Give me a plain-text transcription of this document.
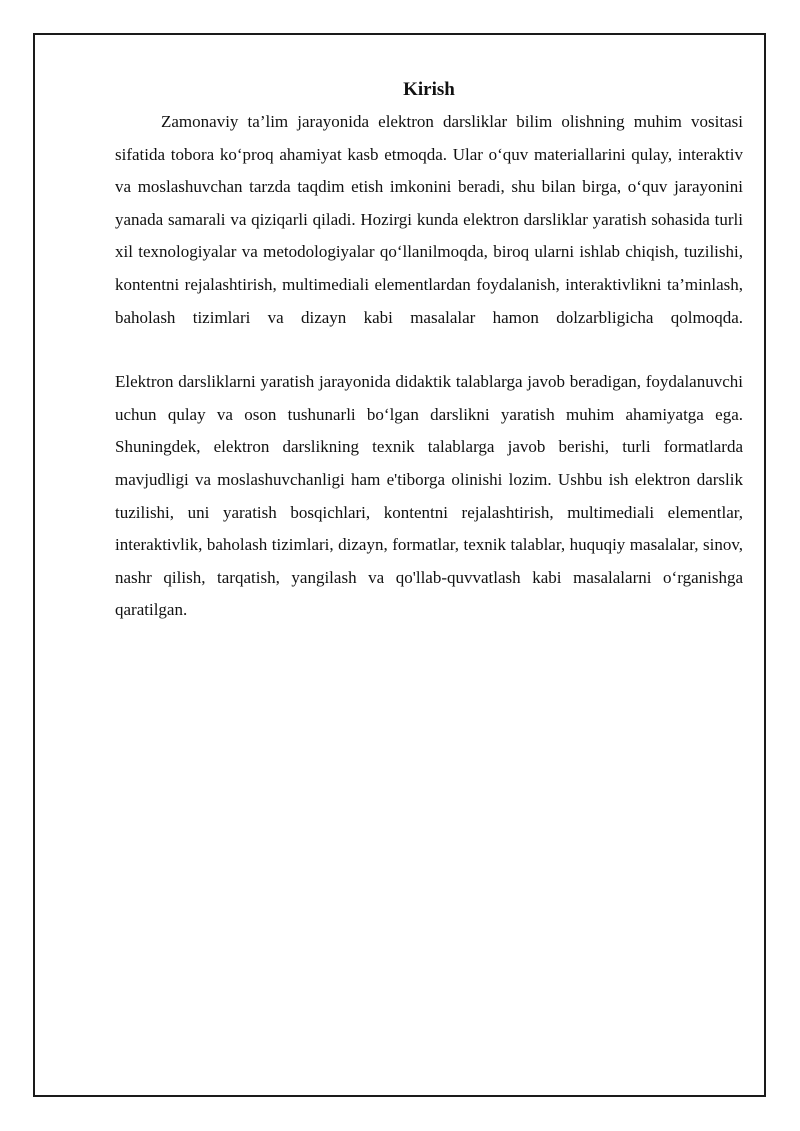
Kirish

Zamonaviy ta’lim jarayonida elektron darsliklar bilim olishning muhim vositasi sifatida tobora ko‘proq ahamiyat kasb etmoqda. Ular o‘quv materiallarini qulay, interaktiv va moslashuvchan tarzda taqdim etish imkonini beradi, shu bilan birga, o‘quv jarayonini yanada samarali va qiziqarli qiladi. Hozirgi kunda elektron darsliklar yaratish sohasida turli xil texnologiyalar va metodologiyalar qo‘llanilmoqda, biroq ularni ishlab chiqish, tuzilishi, kontentni rejalashtirish, multimediali elementlardan foydalanish, interaktivlikni ta’minlash, baholash tizimlari va dizayn kabi masalalar hamon dolzarbligicha qolmoqda.

Elektron darsliklarni yaratish jarayonida didaktik talablarga javob beradigan, foydalanuvchi uchun qulay va oson tushunarli bo‘lgan darslikni yaratish muhim ahamiyatga ega. Shuningdek, elektron darslikning texnik talablarga javob berishi, turli formatlarda mavjudligi va moslashuvchanligi ham e'tiborga olinishi lozim. Ushbu ish elektron darslik tuzilishi, uni yaratish bosqichlari, kontentni rejalashtirish, multimediali elementlar, interaktivlik, baholash tizimlari, dizayn, formatlar, texnik talablar, huquqiy masalalar, sinov, nashr qilish, tarqatish, yangilash va qo'llab-quvvatlash kabi masalalarni o‘rganishga qaratilgan.
